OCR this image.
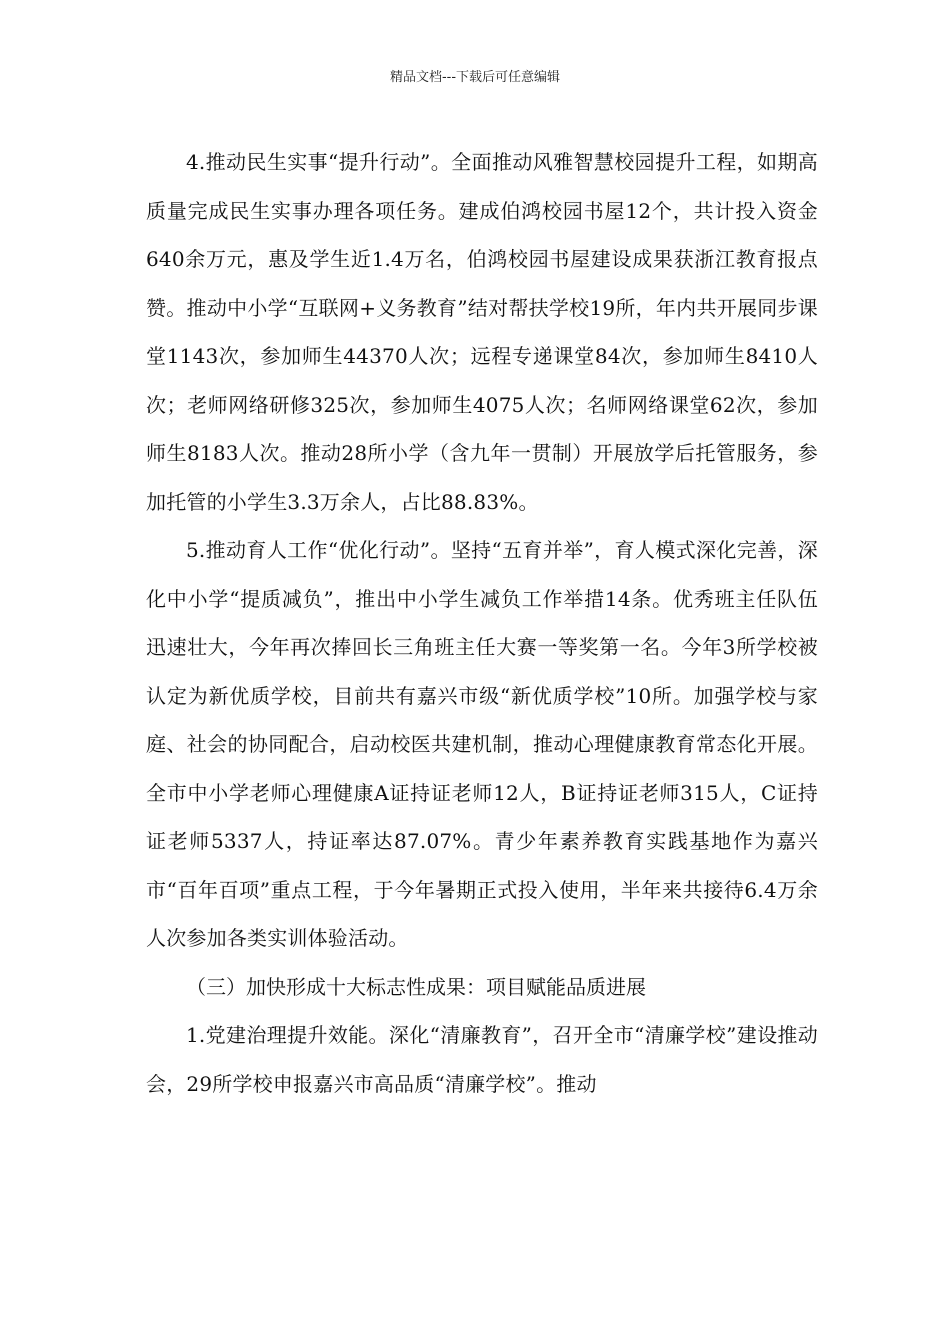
精品文档---下载后可任意编辑

4.推动民生实事“提升行动”。全面推动风雅智慧校园提升工程，如期高质量完成民生实事办理各项任务。建成伯鸿校园书屋12个，共计投入资金640余万元，惠及学生近1.4万名，伯鸿校园书屋建设成果获浙江教育报点赞。推动中小学“互联网+义务教育”结对帮扶学校19所，年内共开展同步课堂1143次，参加师生44370人次；远程专递课堂84次，参加师生8410人次；老师网络研修325次，参加师生4075人次；名师网络课堂62次，参加师生8183人次。推动28所小学（含九年一贯制）开展放学后托管服务，参加托管的小学生3.3万余人，占比88.83%。

5.推动育人工作“优化行动”。坚持“五育并举”，育人模式深化完善，深化中小学“提质减负”，推出中小学生减负工作举措14条。优秀班主任队伍迅速壮大，今年再次捧回长三角班主任大赛一等奖第一名。今年3所学校被认定为新优质学校，目前共有嘉兴市级“新优质学校”10所。加强学校与家庭、社会的协同配合，启动校医共建机制，推动心理健康教育常态化开展。全市中小学老师心理健康A证持证老师12人，B证持证老师315人，C证持证老师5337人，持证率达87.07%。青少年素养教育实践基地作为嘉兴市“百年百项”重点工程，于今年暑期正式投入使用，半年来共接待6.4万余人次参加各类实训体验活动。

（三）加快形成十大标志性成果：项目赋能品质进展

1.党建治理提升效能。深化“清廉教育”，召开全市“清廉学校”建设推动会，29所学校申报嘉兴市高品质“清廉学校”。推动
